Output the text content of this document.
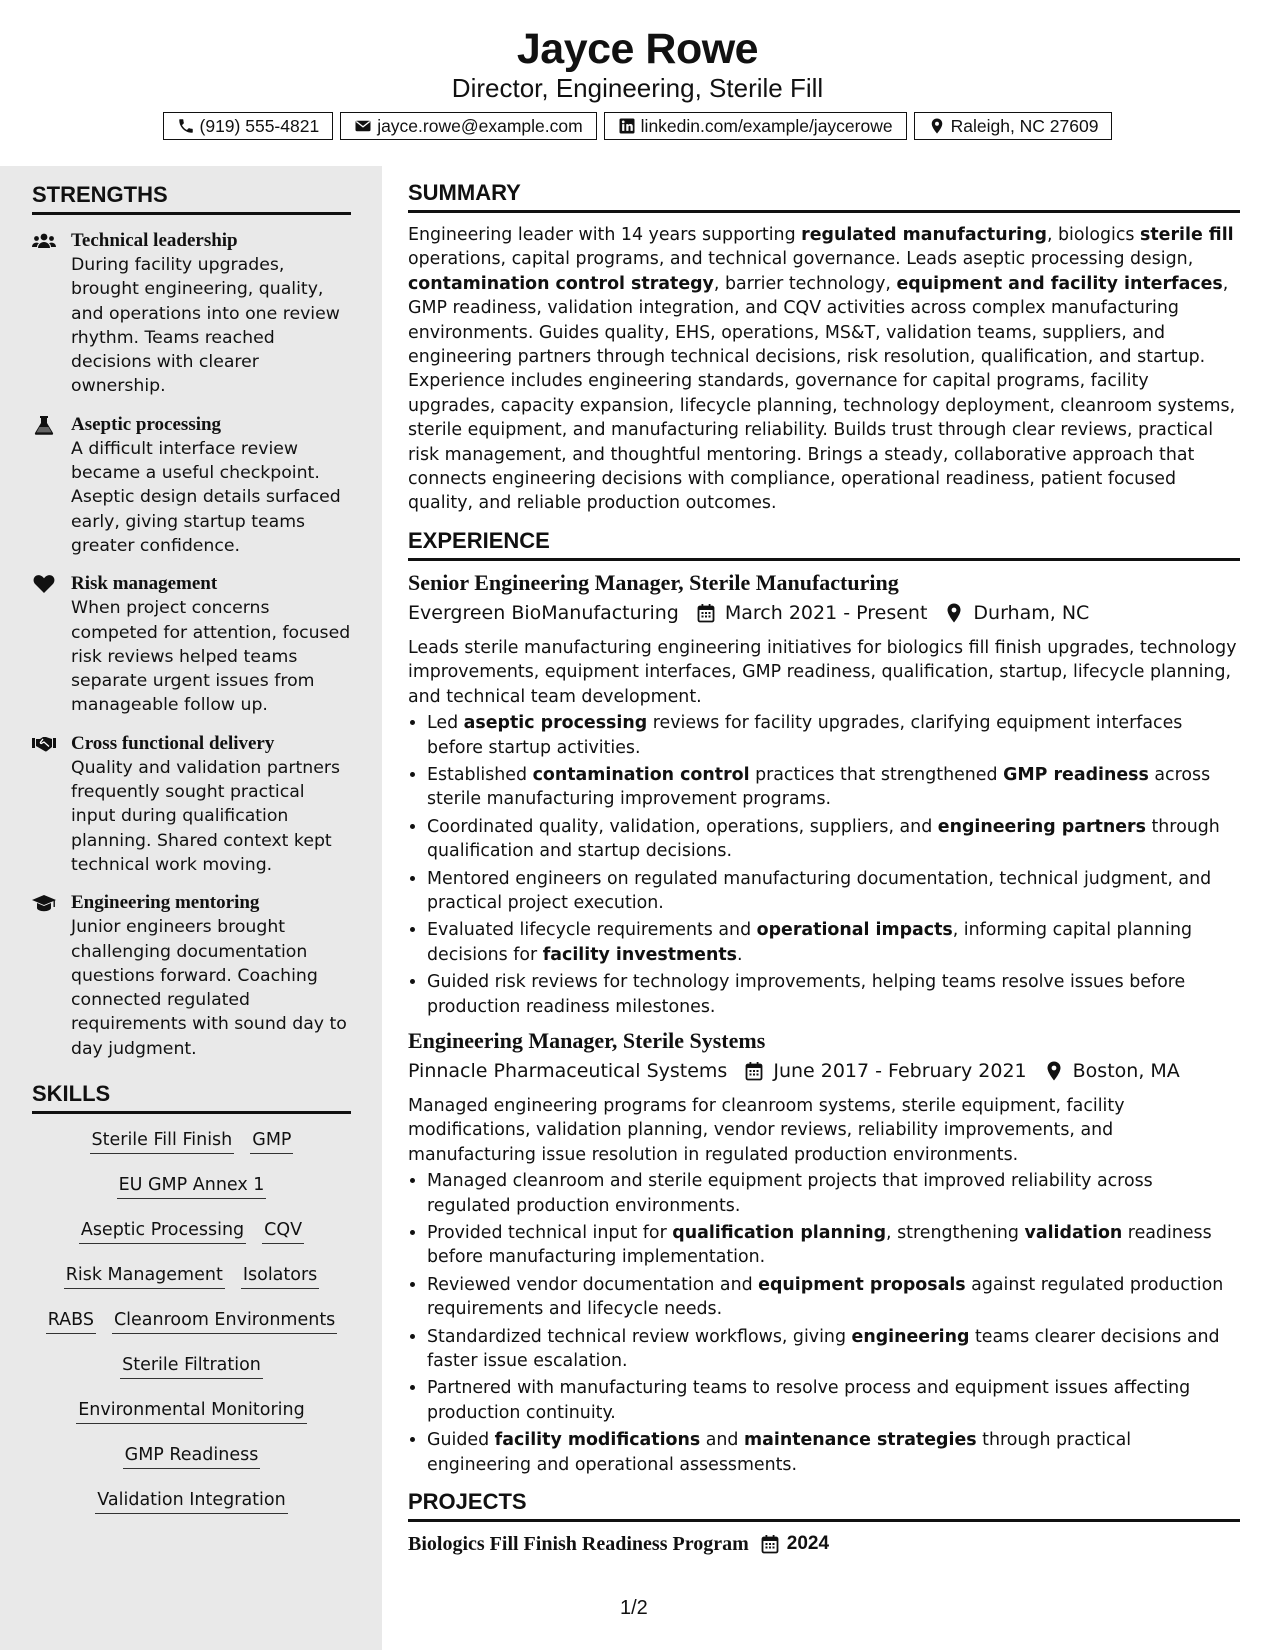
Jayce Rowe
Director, Engineering, Sterile Fill
(919) 555-4821	jayce.rowe@example.com	linkedin.com/example/jaycerowe	Raleigh, NC 27609
STRENGTHS
Technical leadership
During facility upgrades, brought engineering, quality, and operations into one review rhythm. Teams reached decisions with clearer ownership.
Aseptic processing
A difficult interface review became a useful checkpoint. Aseptic design details surfaced early, giving startup teams greater confidence.
Risk management
When project concerns competed for attention, focused risk reviews helped teams separate urgent issues from manageable follow up.
Cross functional delivery
Quality and validation partners frequently sought practical input during qualification planning. Shared context kept technical work moving.
Engineering mentoring
Junior engineers brought challenging documentation questions forward. Coaching connected regulated requirements with sound day to day judgment.
SKILLS
Sterile Fill Finish GMP
EU GMP Annex 1
Aseptic Processing CQV
Risk Management Isolators
RABS Cleanroom Environments
Sterile Filtration
Environmental Monitoring
GMP Readiness
Validation Integration
SUMMARY
Engineering leader with 14 years supporting regulated manufacturing, biologics sterile fill operations, capital programs, and technical governance. Leads aseptic processing design, contamination control strategy, barrier technology, equipment and facility interfaces, GMP readiness, validation integration, and CQV activities across complex manufacturing environments. Guides quality, EHS, operations, MS&T, validation teams, suppliers, and engineering partners through technical decisions, risk resolution, qualification, and startup. Experience includes engineering standards, governance for capital programs, facility upgrades, capacity expansion, lifecycle planning, technology deployment, cleanroom systems, sterile equipment, and manufacturing reliability. Builds trust through clear reviews, practical risk management, and thoughtful mentoring. Brings a steady, collaborative approach that connects engineering decisions with compliance, operational readiness, patient focused quality, and reliable production outcomes.
EXPERIENCE
Senior Engineering Manager, Sterile Manufacturing
Evergreen BioManufacturing March 2021 - Present Durham, NC
Leads sterile manufacturing engineering initiatives for biologics fill finish upgrades, technology improvements, equipment interfaces, GMP readiness, qualification, startup, lifecycle planning, and technical team development.
• Led aseptic processing reviews for facility upgrades, clarifying equipment interfaces before startup activities.
• Established contamination control practices that strengthened GMP readiness across sterile manufacturing improvement programs.
• Coordinated quality, validation, operations, suppliers, and engineering partners through qualification and startup decisions.
• Mentored engineers on regulated manufacturing documentation, technical judgment, and practical project execution.
• Evaluated lifecycle requirements and operational impacts, informing capital planning decisions for facility investments.
• Guided risk reviews for technology improvements, helping teams resolve issues before production readiness milestones.
Engineering Manager, Sterile Systems
Pinnacle Pharmaceutical Systems June 2017 - February 2021 Boston, MA
Managed engineering programs for cleanroom systems, sterile equipment, facility modifications, validation planning, vendor reviews, reliability improvements, and manufacturing issue resolution in regulated production environments.
• Managed cleanroom and sterile equipment projects that improved reliability across regulated production environments.
• Provided technical input for qualification planning, strengthening validation readiness before manufacturing implementation.
• Reviewed vendor documentation and equipment proposals against regulated production requirements and lifecycle needs.
• Standardized technical review workflows, giving engineering teams clearer decisions and faster issue escalation.
• Partnered with manufacturing teams to resolve process and equipment issues affecting production continuity.
• Guided facility modifications and maintenance strategies through practical engineering and operational assessments.
PROJECTS
Biologics Fill Finish Readiness Program 2024
1/2
